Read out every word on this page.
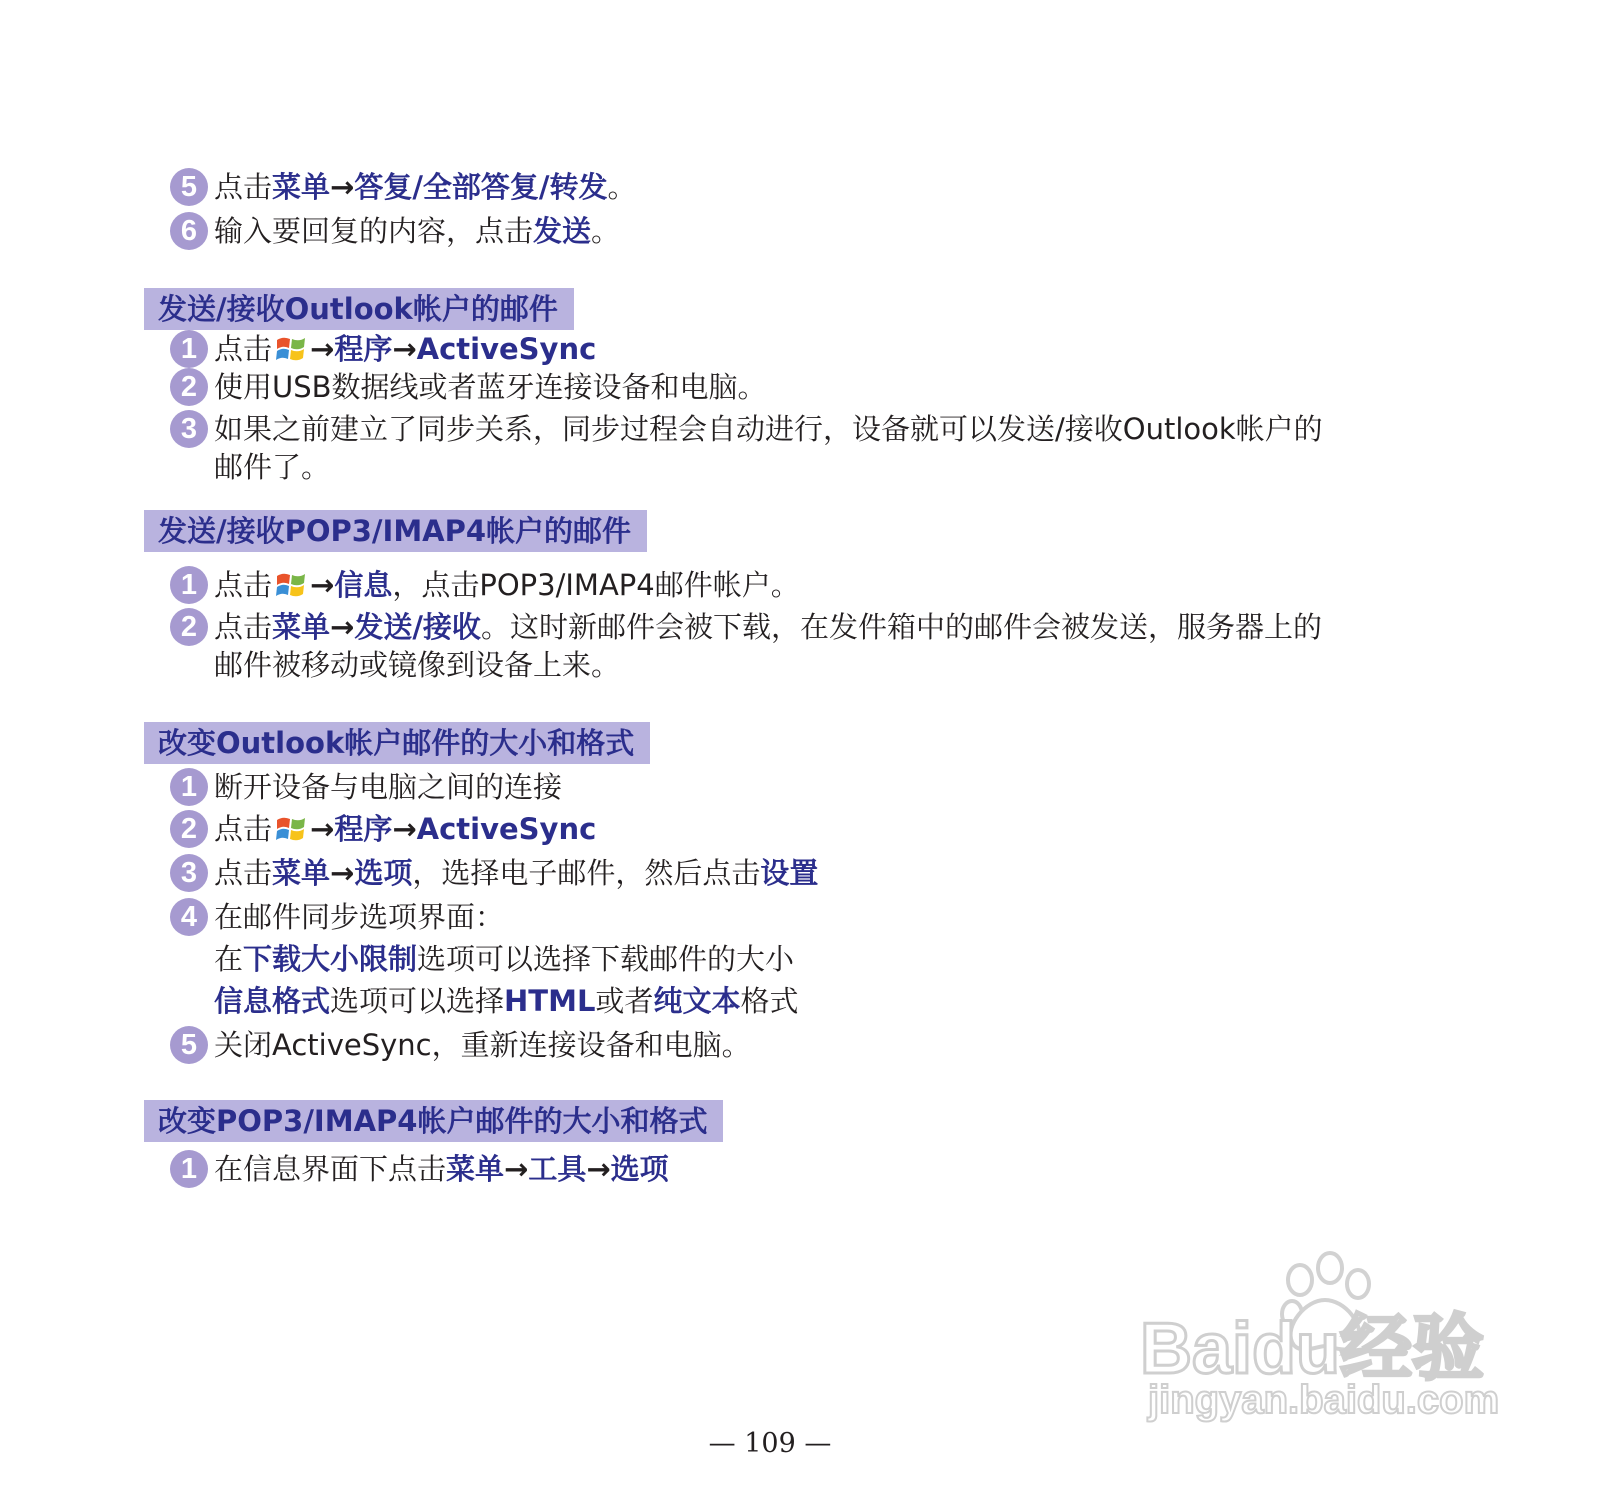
5 点击菜单→答复/全部答复/转发。
6 输入要回复的内容，点击发送。
发送/接收Outlook帐户的邮件
1 点击 →程序→ActiveSync
2 使用USB数据线或者蓝牙连接设备和电脑。
3 如果之前建立了同步关系，同步过程会自动进行，设备就可以发送/接收Outlook帐户的
邮件了。
发送/接收POP3/IMAP4帐户的邮件
1 点击 →信息，点击POP3/IMAP4邮件帐户。
2 点击菜单→发送/接收。这时新邮件会被下载，在发件箱中的邮件会被发送，服务器上的
邮件被移动或镜像到设备上来。
改变Outlook帐户邮件的大小和格式
1 断开设备与电脑之间的连接
2 点击 →程序→ActiveSync
3 点击菜单→选项，选择电子邮件，然后点击设置
4 在邮件同步选项界面：
在下载大小限制选项可以选择下载邮件的大小
信息格式选项可以选择HTML或者纯文本格式
5 关闭ActiveSync，重新连接设备和电脑。
改变POP3/IMAP4帐户邮件的大小和格式
1 在信息界面下点击菜单→工具→选项
Baidu经验
jingyan.baidu.com
— 109 —
